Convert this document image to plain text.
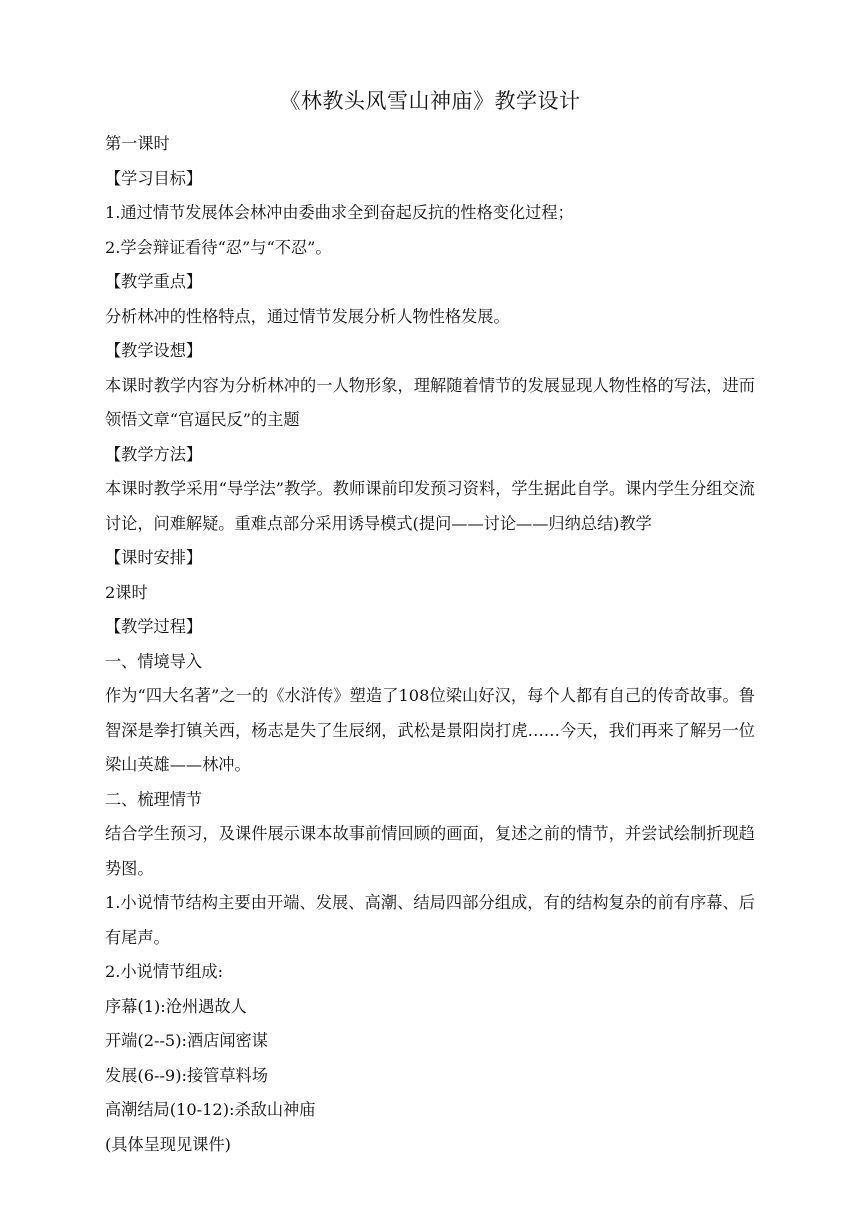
《林教头风雪山神庙》教学设计

第一课时

【学习目标】

1.通过情节发展体会林冲由委曲求全到奋起反抗的性格变化过程；

2.学会辩证看待“忍”与“不忍”。

【教学重点】

分析林冲的性格特点，通过情节发展分析人物性格发展。

【教学设想】

本课时教学内容为分析林冲的一人物形象，理解随着情节的发展显现人物性格的写法，进而领悟文章“官逼民反”的主题

【教学方法】

本课时教学采用“导学法”教学。教师课前印发预习资料，学生据此自学。课内学生分组交流讨论，问难解疑。重难点部分采用诱导模式(提问——讨论——归纳总结)教学

【课时安排】

2课时

【教学过程】

一、情境导入

作为“四大名著”之一的《水浒传》塑造了108位梁山好汉，每个人都有自己的传奇故事。鲁智深是拳打镇关西，杨志是失了生辰纲，武松是景阳岗打虎……今天，我们再来了解另一位梁山英雄——林冲。

二、梳理情节

结合学生预习，及课件展示课本故事前情回顾的画面，复述之前的情节，并尝试绘制折现趋势图。

1.小说情节结构主要由开端、发展、高潮、结局四部分组成，有的结构复杂的前有序幕、后有尾声。

2.小说情节组成:

序幕(1):沧州遇故人

开端(2--5):酒店闻密谋

发展(6--9):接管草料场

高潮结局(10-12):杀敌山神庙

(具体呈现见课件)
